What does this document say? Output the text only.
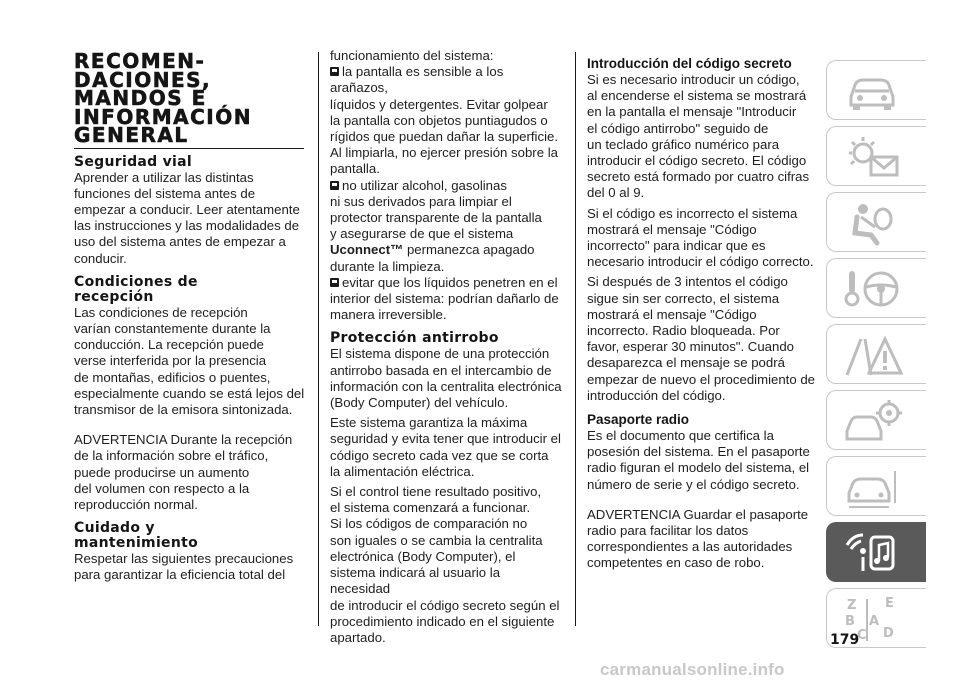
RECOMEN-
DACIONES,
MANDOS E
INFORMACIÓN
GENERAL
Seguridad vial

Aprender a utilizar las distintas
funciones del sistema antes de
empezar a conducir. Leer atentamente
las instrucciones y las modalidades de
uso del sistema antes de empezar a
conducir.

Condiciones de
recepción

Las condiciones de recepción
varían constantemente durante la
conducción. La recepción puede
verse interferida por la presencia
de montañas, edificios o puentes,
especialmente cuando se está lejos del
transmisor de la emisora sintonizada.

ADVERTENCIA Durante la recepción
de la información sobre el tráfico,
puede producirse un aumento
del volumen con respecto a la
reproducción normal.

Cuidado y
mantenimiento

Respetar las siguientes precauciones
para garantizar la eficiencia total del

funcionamiento del sistema:

la pantalla es sensible a los arañazos,
líquidos y detergentes. Evitar golpear
la pantalla con objetos puntiagudos o
rígidos que puedan dañar la superficie.
Al limpiarla, no ejercer presión sobre la
pantalla.
no utilizar alcohol, gasolinas
ni sus derivados para limpiar el
protector transparente de la pantalla
y asegurarse de que el sistema
Uconnect™ permanezca apagado
durante la limpieza.
evitar que los líquidos penetren en el
interior del sistema: podrían dañarlo de
manera irreversible.
Protección antirrobo

El sistema dispone de una protección
antirrobo basada en el intercambio de
información con la centralita electrónica
(Body Computer) del vehículo.

Este sistema garantiza la máxima
seguridad y evita tener que introducir el
código secreto cada vez que se corta
la alimentación eléctrica.

Si el control tiene resultado positivo,
el sistema comenzará a funcionar.
Si los códigos de comparación no
son iguales o se cambia la centralita
electrónica (Body Computer), el
sistema indicará al usuario la necesidad
de introducir el código secreto según el
procedimiento indicado en el siguiente
apartado.

Introducción del código secreto

Si es necesario introducir un código,
al encenderse el sistema se mostrará
en la pantalla el mensaje "Introducir
el código antirrobo" seguido de
un teclado gráfico numérico para
introducir el código secreto. El código
secreto está formado por cuatro cifras
del 0 al 9.

Si el código es incorrecto el sistema
mostrará el mensaje "Código
incorrecto" para indicar que es
necesario introducir el código correcto.

Si después de 3 intentos el código
sigue sin ser correcto, el sistema
mostrará el mensaje "Código
incorrecto. Radio bloqueada. Por
favor, esperar 30 minutos". Cuando
desaparezca el mensaje se podrá
empezar de nuevo el procedimiento de
introducción del código.

Pasaporte radio

Es el documento que certifica la
posesión del sistema. En el pasaporte
radio figuran el modelo del sistema, el
número de serie y el código secreto.

ADVERTENCIA Guardar el pasaporte
radio para facilitar los datos
correspondientes a las autoridades
competentes en caso de robo.

Z E
B A
C D
179
carmanualsonline.info
